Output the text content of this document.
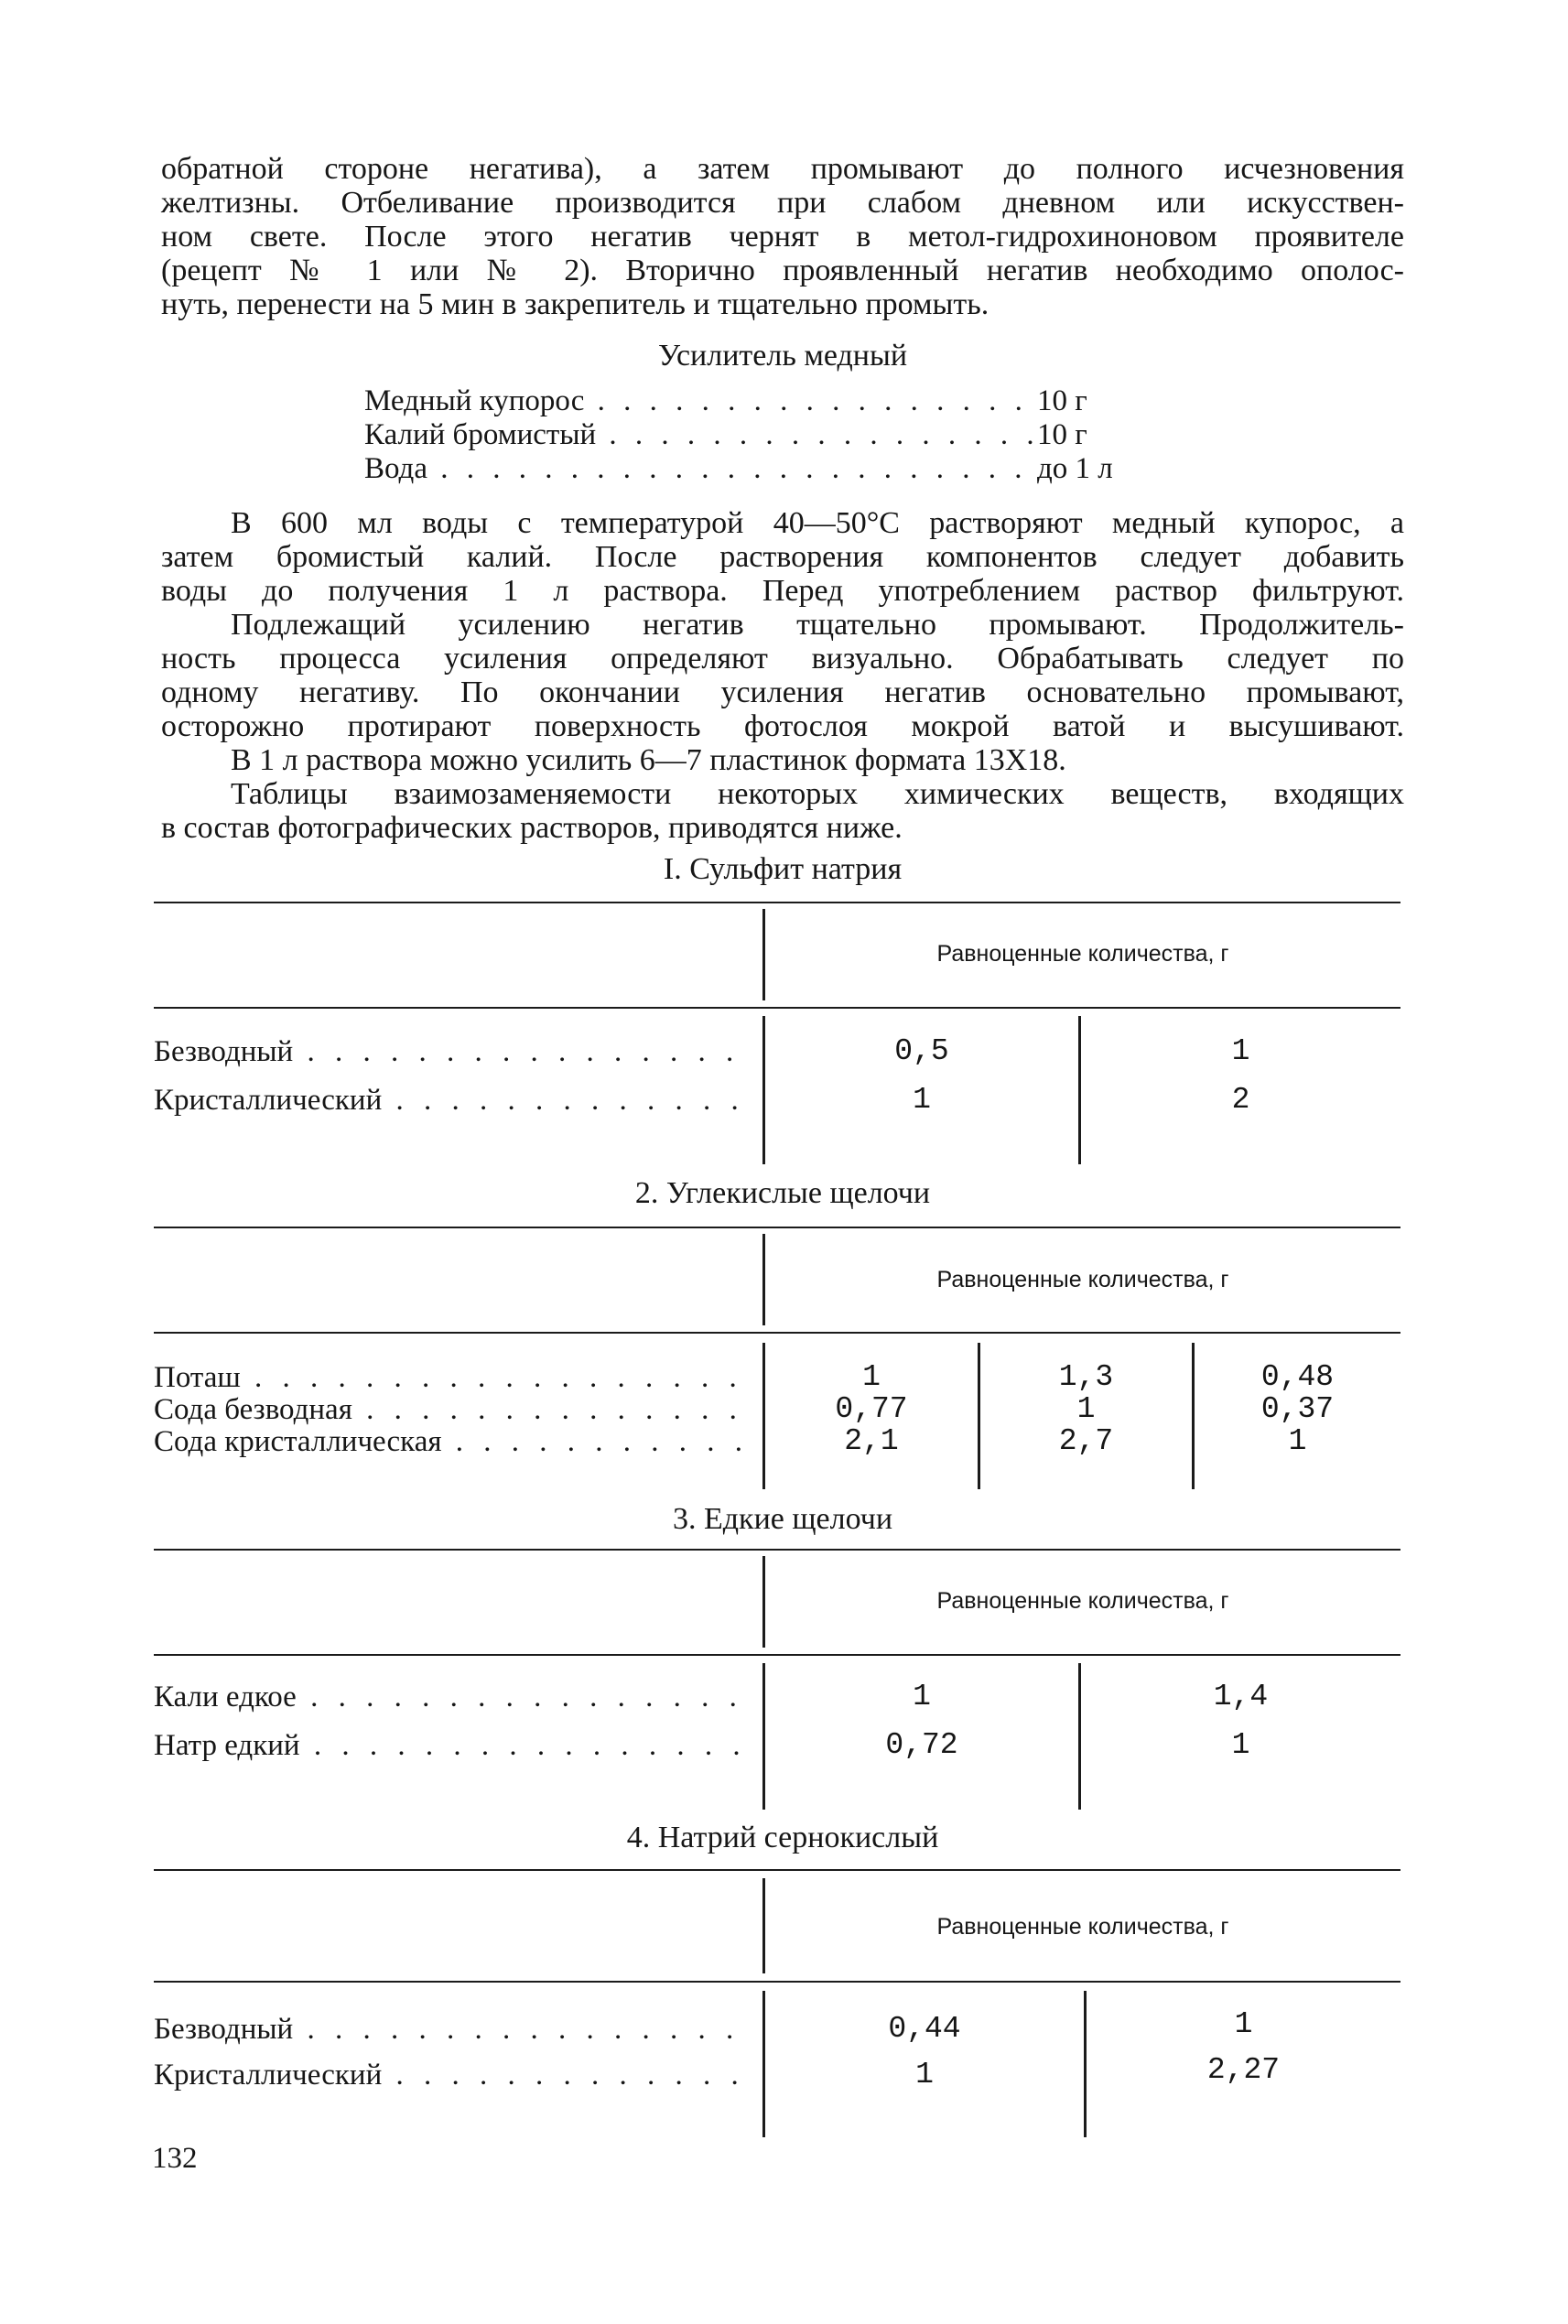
обратной стороне негатива), а затем промывают до полного исчезновения

желтизны. Отбеливание производится при слабом дневном или искусствен-

ном свете. После этого негатив чернят в метол-гидрохиноновом проявителе

(рецепт № 1 или № 2). Вторично проявленный негатив необходимо ополос-

нуть, перенести на 5 мин в закрепитель и тщательно промыть.

Усилитель медный

Медный купорос . . .	10 г
Калий бромистый . . .	10 г
Вода . . .	до 1 л

В 600 мл воды с температурой 40—50°С растворяют медный купорос, а

затем бромистый калий. После растворения компонентов следует добавить

воды до получения 1 л раствора. Перед употреблением раствор фильтруют.

Подлежащий усилению негатив тщательно промывают. Продолжитель-

ность процесса усиления определяют визуально. Обрабатывать следует по

одному негативу. По окончании усиления негатив основательно промывают,

осторожно протирают поверхность фотослоя мокрой ватой и высушивают.

В 1 л раствора можно усилить 6—7 пластинок формата 13Х18.

Таблицы взаимозаменяемости некоторых химических веществ, входящих

в состав фотографических растворов, приводятся ниже.

I. Сульфит натрия

Равноценные количества, г
Безводный . . .	0,5	1
Кристаллический . . .	1	2

2. Углекислые щелочи

Равноценные количества, г
Поташ . . .	1	1,3	0,48
Сода безводная . . .	0,77	1	0,37
Сода кристаллическая . . .	2,1	2,7	1

3. Едкие щелочи

Равноценные количества, г
Кали едкое . . .	1	1,4
Натр едкий . . .	0,72	1

4. Натрий сернокислый

Равноценные количества, г
Безводный . . .	0,44	1
Кристаллический . . .	1	2,27
132
